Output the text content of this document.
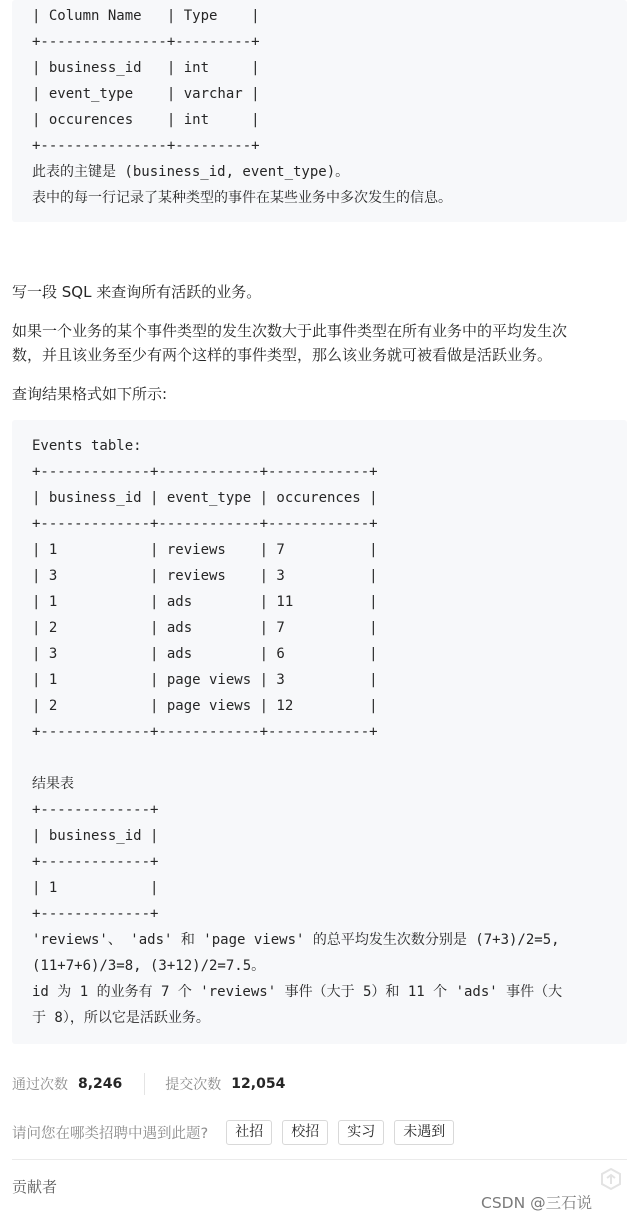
| Column Name   | Type    |
+---------------+---------+
| business_id   | int     |
| event_type    | varchar |
| occurences    | int     |
+---------------+---------+
此表的主键是 (business_id, event_type)。
表中的每一行记录了某种类型的事件在某些业务中多次发生的信息。
写一段 SQL 来查询所有活跃的业务。
如果一个业务的某个事件类型的发生次数大于此事件类型在所有业务中的平均发生次
数，并且该业务至少有两个这样的事件类型，那么该业务就可被看做是活跃业务。
查询结果格式如下所示:
Events table:
+-------------+------------+------------+
| business_id | event_type | occurences |
+-------------+------------+------------+
| 1           | reviews    | 7          |
| 3           | reviews    | 3          |
| 1           | ads        | 11         |
| 2           | ads        | 7          |
| 3           | ads        | 6          |
| 1           | page views | 3          |
| 2           | page views | 12         |
+-------------+------------+------------+
结果表
+-------------+
| business_id |
+-------------+
| 1           |
+-------------+
'reviews'、 'ads' 和 'page views' 的总平均发生次数分别是 (7+3)/2=5,
(11+7+6)/3=8, (3+12)/2=7.5。
id 为 1 的业务有 7 个 'reviews' 事件（大于 5）和 11 个 'ads' 事件（大
于 8），所以它是活跃业务。
通过次数 8,246	提交次数 12,054
请问您在哪类招聘中遇到此题?	社招	校招	实习	未遇到
贡献者
CSDN @三石说
